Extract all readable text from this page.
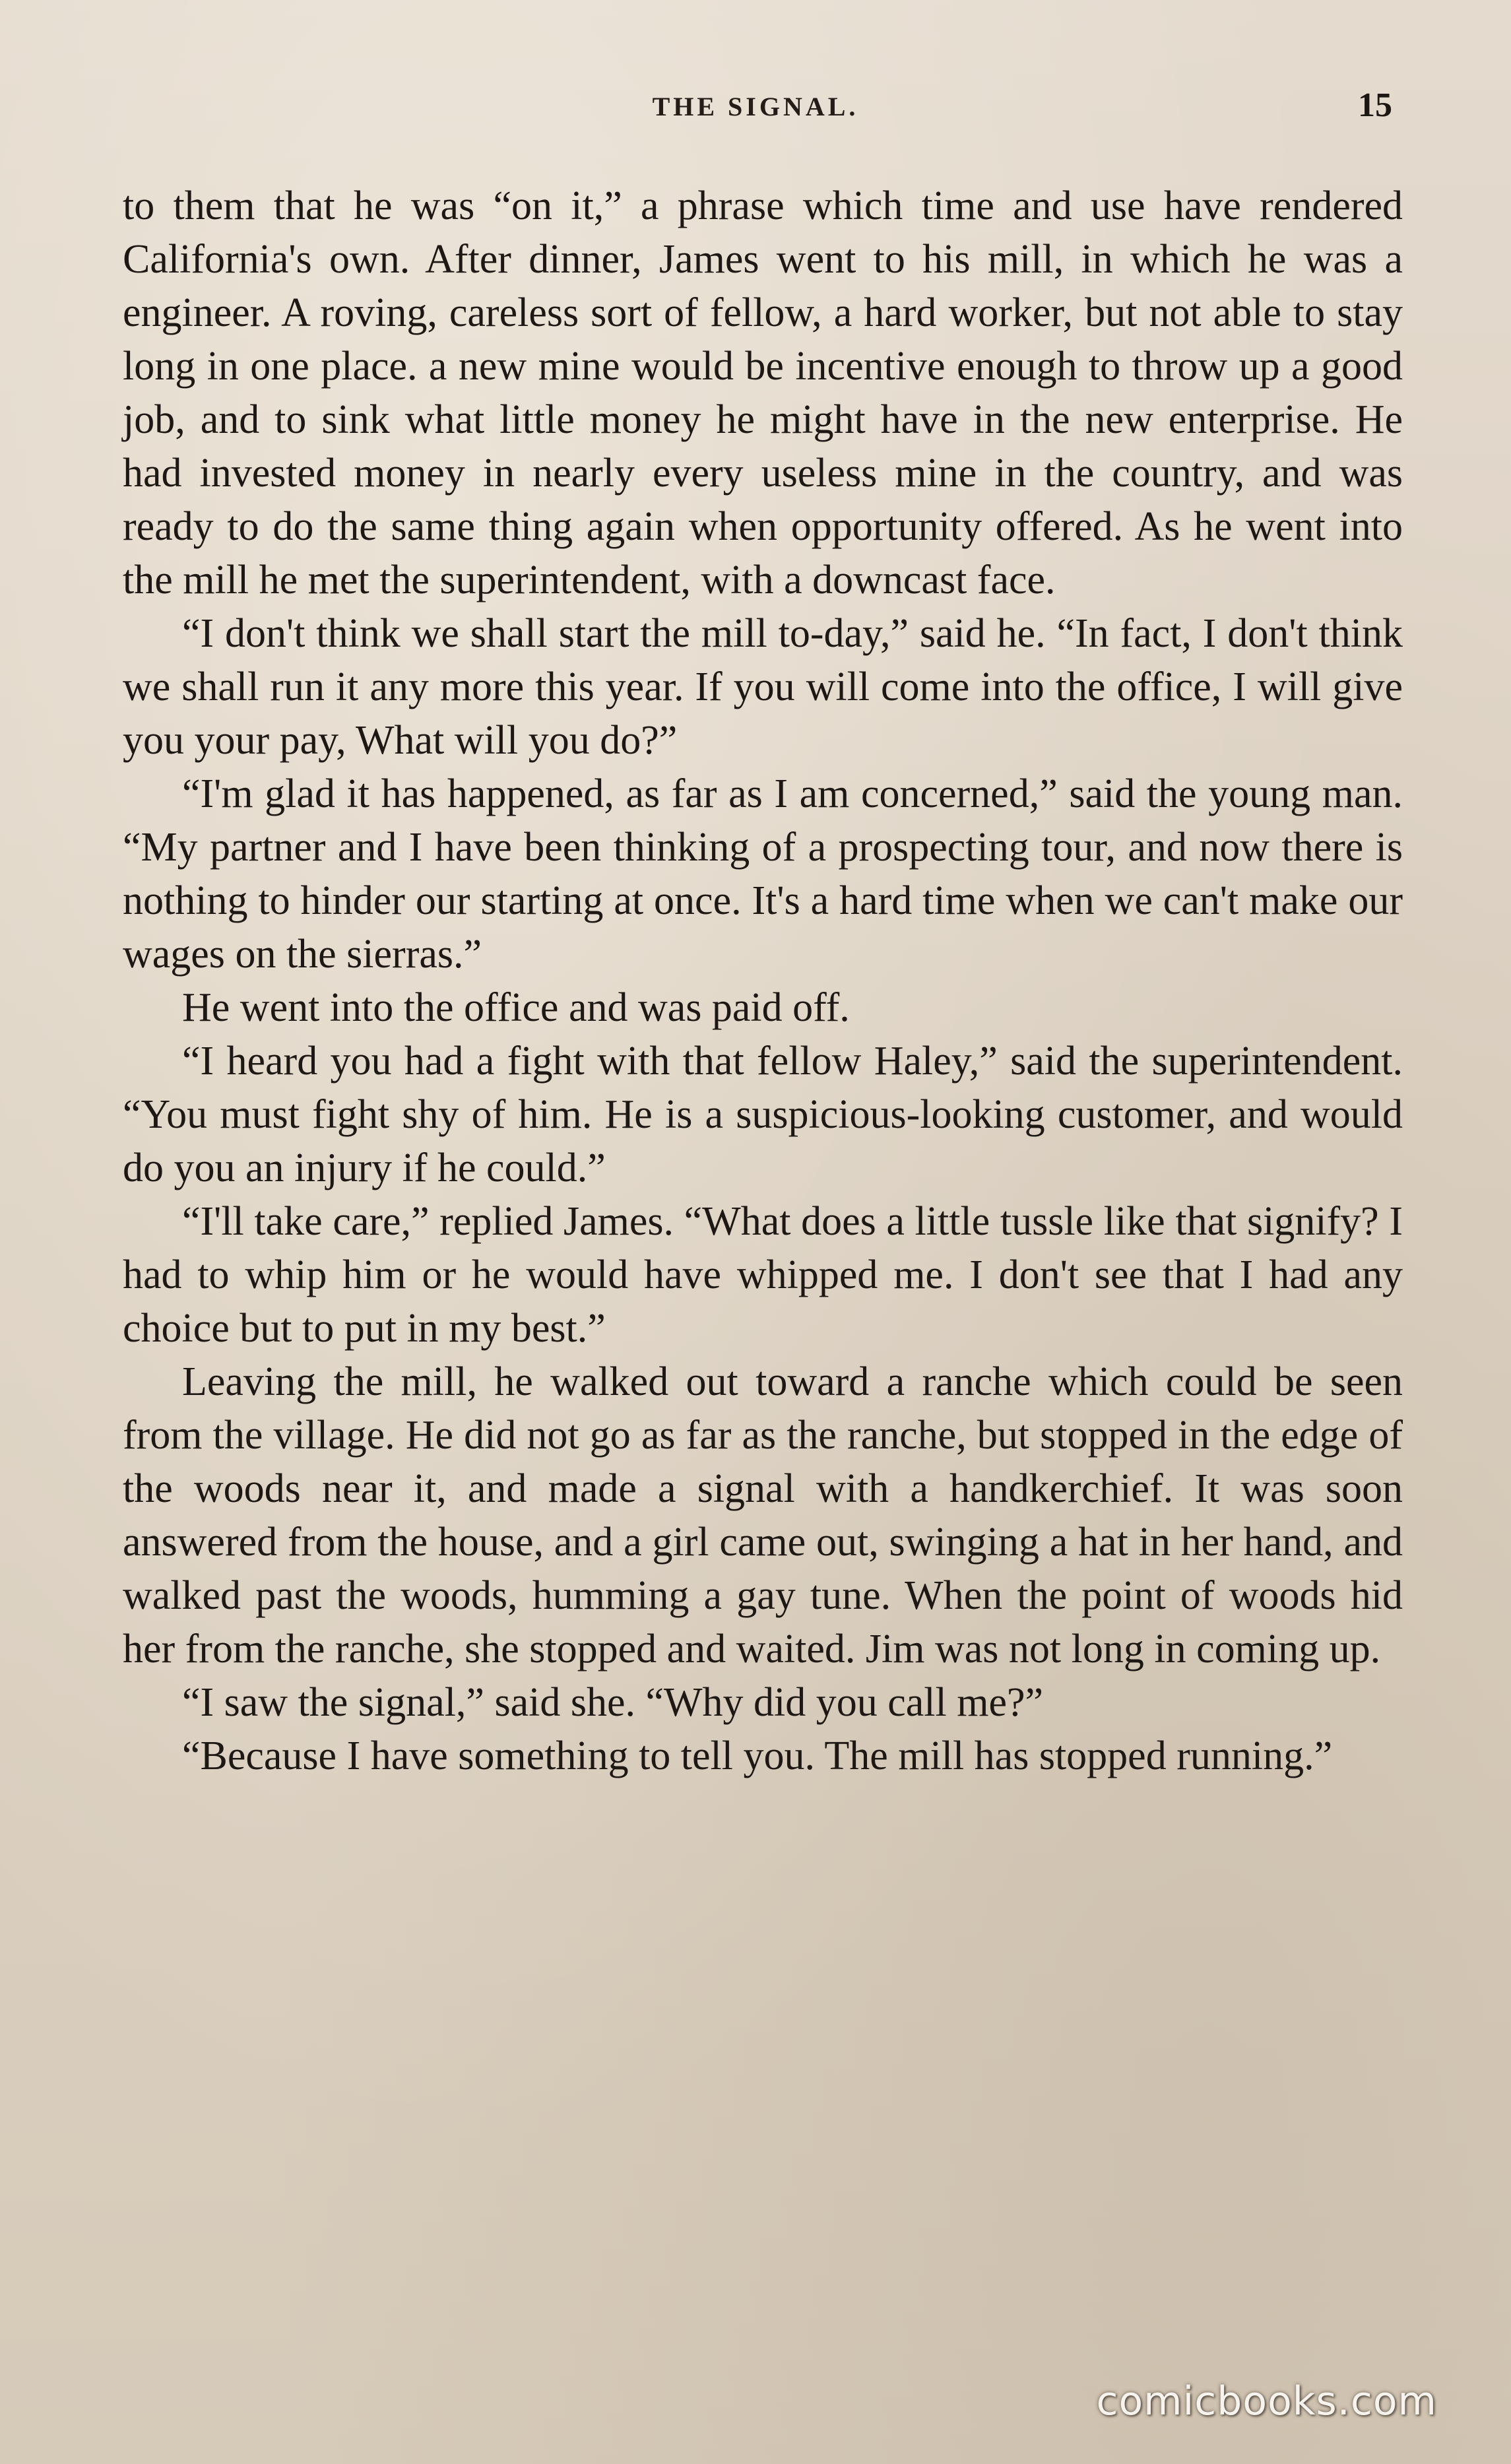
THE SIGNAL.	15

to them that he was “on it,” a phrase which time and use have rendered California's own. After dinner, James went to his mill, in which he was a engineer. A roving, careless sort of fellow, a hard worker, but not able to stay long in one place. a new mine would be incentive enough to throw up a good job, and to sink what little money he might have in the new enterprise. He had invested money in nearly every useless mine in the country, and was ready to do the same thing again when opportunity offered. As he went into the mill he met the superintendent, with a downcast face.

“I don't think we shall start the mill to-day,” said he. “In fact, I don't think we shall run it any more this year. If you will come into the office, I will give you your pay, What will you do?”

“I'm glad it has happened, as far as I am concerned,” said the young man. “My partner and I have been thinking of a prospecting tour, and now there is nothing to hinder our starting at once. It's a hard time when we can't make our wages on the sierras.”

He went into the office and was paid off.

“I heard you had a fight with that fellow Haley,” said the superintendent. “You must fight shy of him. He is a suspicious-looking customer, and would do you an injury if he could.”

“I'll take care,” replied James. “What does a little tussle like that signify? I had to whip him or he would have whipped me. I don't see that I had any choice but to put in my best.”

Leaving the mill, he walked out toward a ranche which could be seen from the village. He did not go as far as the ranche, but stopped in the edge of the woods near it, and made a signal with a handkerchief. It was soon answered from the house, and a girl came out, swinging a hat in her hand, and walked past the woods, humming a gay tune. When the point of woods hid her from the ranche, she stopped and waited. Jim was not long in coming up.

“I saw the signal,” said she. “Why did you call me?”

“Because I have something to tell you. The mill has stopped running.”

comicbooks.com
